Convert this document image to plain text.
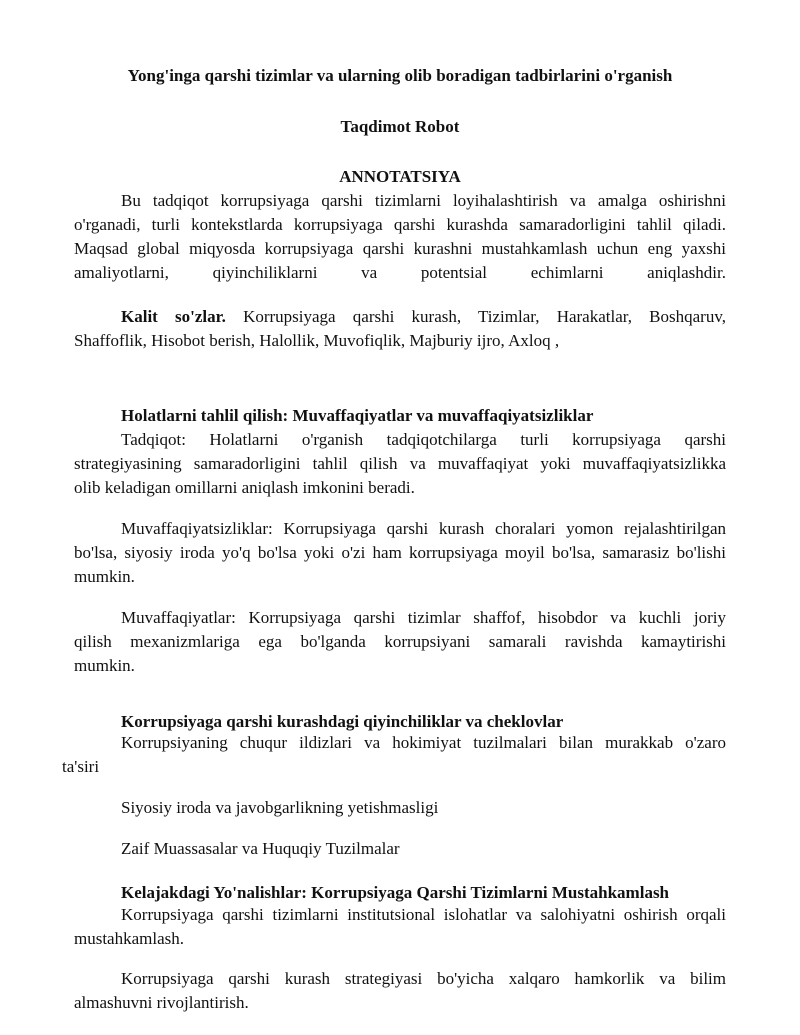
Yong'inga qarshi tizimlar va ularning olib boradigan tadbirlarini o'rganish
Taqdimot Robot
ANNOTATSIYA

Bu tadqiqot korrupsiyaga qarshi tizimlarni loyihalashtirish va amalga oshirishni

o'rganadi, turli kontekstlarda korrupsiyaga qarshi kurashda samaradorligini tahlil qiladi.

Maqsad global miqyosda korrupsiyaga qarshi kurashni mustahkamlash uchun eng yaxshi

amaliyotlarni, qiyinchiliklarni va potentsial echimlarni aniqlashdir.

Kalit so'zlar. Korrupsiyaga qarshi kurash, Tizimlar, Harakatlar, Boshqaruv,

Shaffoflik, Hisobot berish, Halollik, Muvofiqlik, Majburiy ijro, Axloq ,

Holatlarni tahlil qilish: Muvaffaqiyatlar va muvaffaqiyatsizliklar

Tadqiqot: Holatlarni o'rganish tadqiqotchilarga turli korrupsiyaga qarshi

strategiyasining samaradorligini tahlil qilish va muvaffaqiyat yoki muvaffaqiyatsizlikka

olib keladigan omillarni aniqlash imkonini beradi.

Muvaffaqiyatsizliklar: Korrupsiyaga qarshi kurash choralari yomon rejalashtirilgan

bo'lsa, siyosiy iroda yo'q bo'lsa yoki o'zi ham korrupsiyaga moyil bo'lsa, samarasiz bo'lishi

mumkin.

Muvaffaqiyatlar: Korrupsiyaga qarshi tizimlar shaffof, hisobdor va kuchli joriy

qilish mexanizmlariga ega bo'lganda korrupsiyani samarali ravishda kamaytirishi

mumkin.

Korrupsiyaga qarshi kurashdagi qiyinchiliklar va cheklovlar

Korrupsiyaning chuqur ildizlari va hokimiyat tuzilmalari bilan murakkab o'zaro

ta'siri

Siyosiy iroda va javobgarlikning yetishmasligi
Zaif Muassasalar va Huquqiy Tuzilmalar
Kelajakdagi Yo'nalishlar: Korrupsiyaga Qarshi Tizimlarni Mustahkamlash

Korrupsiyaga qarshi tizimlarni institutsional islohatlar va salohiyatni oshirish orqali

mustahkamlash.

Korrupsiyaga qarshi kurash strategiyasi bo'yicha xalqaro hamkorlik va bilim

almashuvni rivojlantirish.
